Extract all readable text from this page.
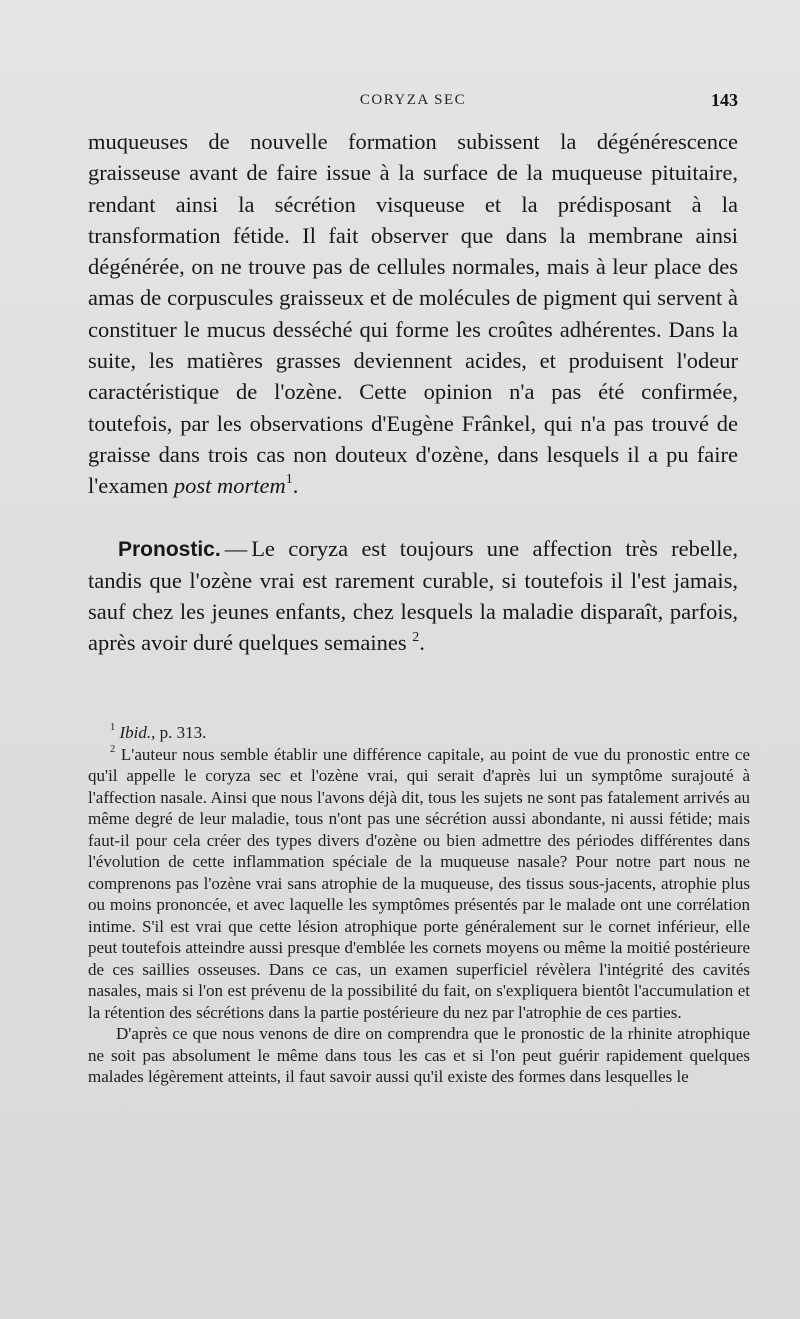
CORYZA SEC	143

muqueuses de nouvelle formation subissent la dégénérescence graisseuse avant de faire issue à la surface de la muqueuse pituitaire, rendant ainsi la sécrétion visqueuse et la prédisposant à la transformation fétide. Il fait observer que dans la membrane ainsi dégénérée, on ne trouve pas de cellules normales, mais à leur place des amas de corpuscules graisseux et de molécules de pigment qui servent à constituer le mucus desséché qui forme les croûtes adhérentes. Dans la suite, les matières grasses deviennent acides, et produisent l'odeur caractéristique de l'ozène. Cette opinion n'a pas été confirmée, toutefois, par les observations d'Eugène Frânkel, qui n'a pas trouvé de graisse dans trois cas non douteux d'ozène, dans lesquels il a pu faire l'examen post mortem$^1$.

Pronostic. — Le coryza est toujours une affection très rebelle, tandis que l'ozène vrai est rarement curable, si toutefois il l'est jamais, sauf chez les jeunes enfants, chez lesquels la maladie disparaît, parfois, après avoir duré quelques semaines $^2$.

$^1$ Ibid., p. 313.

$^2$ L'auteur nous semble établir une différence capitale, au point de vue du pronostic entre ce qu'il appelle le coryza sec et l'ozène vrai, qui serait d'après lui un symptôme surajouté à l'affection nasale. Ainsi que nous l'avons déjà dit, tous les sujets ne sont pas fatalement arrivés au même degré de leur maladie, tous n'ont pas une sécrétion aussi abondante, ni aussi fétide; mais faut-il pour cela créer des types divers d'ozène ou bien admettre des périodes différentes dans l'évolution de cette inflammation spéciale de la muqueuse nasale? Pour notre part nous ne comprenons pas l'ozène vrai sans atrophie de la muqueuse, des tissus sous-jacents, atrophie plus ou moins prononcée, et avec laquelle les symptômes présentés par le malade ont une corrélation intime. S'il est vrai que cette lésion atrophique porte généralement sur le cornet inférieur, elle peut toutefois atteindre aussi presque d'emblée les cornets moyens ou même la moitié postérieure de ces saillies osseuses. Dans ce cas, un examen superficiel révèlera l'intégrité des cavités nasales, mais si l'on est prévenu de la possibilité du fait, on s'expliquera bientôt l'accumulation et la rétention des sécrétions dans la partie postérieure du nez par l'atrophie de ces parties.

D'après ce que nous venons de dire on comprendra que le pronostic de la rhinite atrophique ne soit pas absolument le même dans tous les cas et si l'on peut guérir rapidement quelques malades légèrement atteints, il faut savoir aussi qu'il existe des formes dans lesquelles le
